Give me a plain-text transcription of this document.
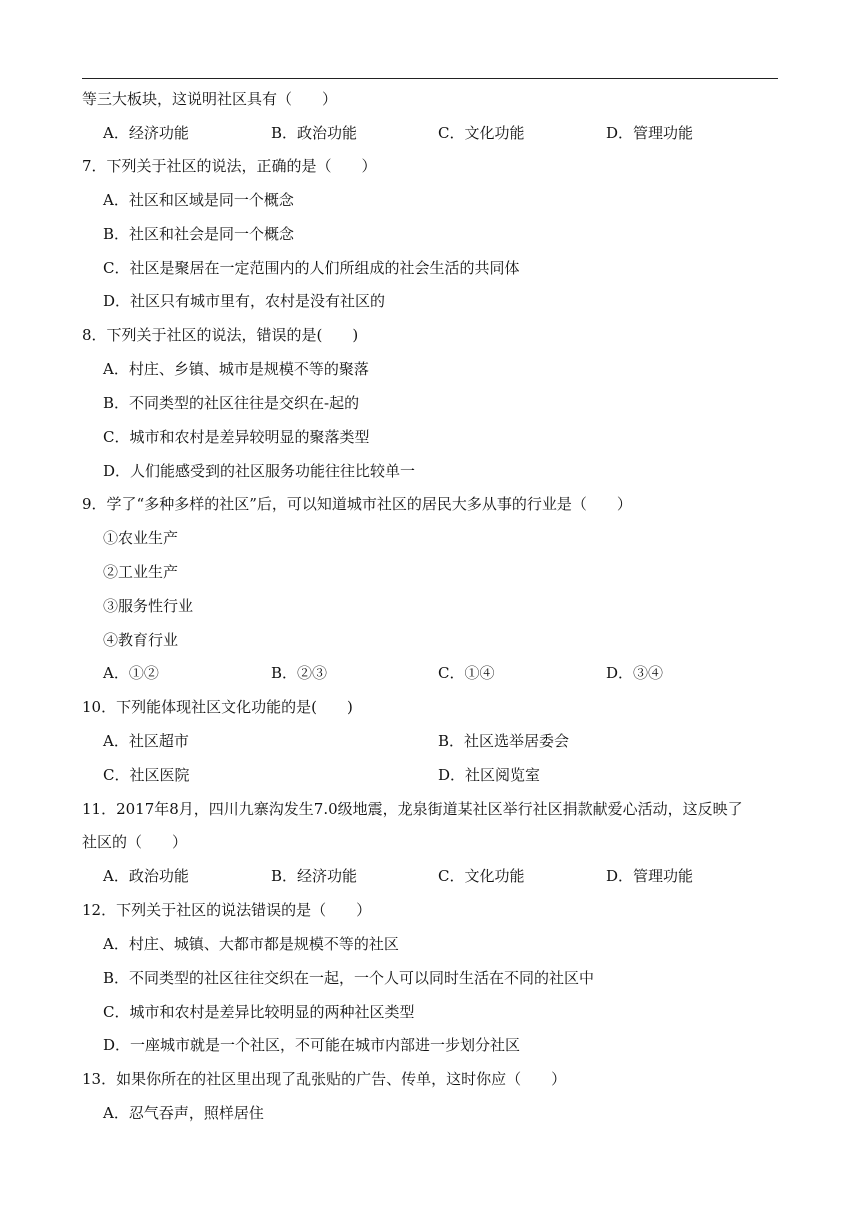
等三大板块，这说明社区具有（　　）
A．经济功能	B．政治功能	C．文化功能	D．管理功能
7．下列关于社区的说法，正确的是（　　）
A．社区和区域是同一个概念
B．社区和社会是同一个概念
C．社区是聚居在一定范围内的人们所组成的社会生活的共同体
D．社区只有城市里有，农村是没有社区的
8．下列关于社区的说法，错误的是(　　)
A．村庄、乡镇、城市是规模不等的聚落
B．不同类型的社区往往是交织在-起的
C．城市和农村是差异较明显的聚落类型
D．人们能感受到的社区服务功能往往比较单一
9．学了“多种多样的社区”后，可以知道城市社区的居民大多从事的行业是（　　）
①农业生产
②工业生产
③服务性行业
④教育行业
A．①②	B．②③	C．①④	D．③④
10．下列能体现社区文化功能的是(　　)
A．社区超市	B．社区选举居委会
C．社区医院	D．社区阅览室
11．2017年8月，四川九寨沟发生7.0级地震，龙泉街道某社区举行社区捐款献爱心活动，这反映了
社区的（　　）
A．政治功能	B．经济功能	C．文化功能	D．管理功能
12．下列关于社区的说法错误的是（　　）
A．村庄、城镇、大都市都是规模不等的社区
B．不同类型的社区往往交织在一起，一个人可以同时生活在不同的社区中
C．城市和农村是差异比较明显的两种社区类型
D．一座城市就是一个社区，不可能在城市内部进一步划分社区
13．如果你所在的社区里出现了乱张贴的广告、传单，这时你应（　　）
A．忍气吞声，照样居住
